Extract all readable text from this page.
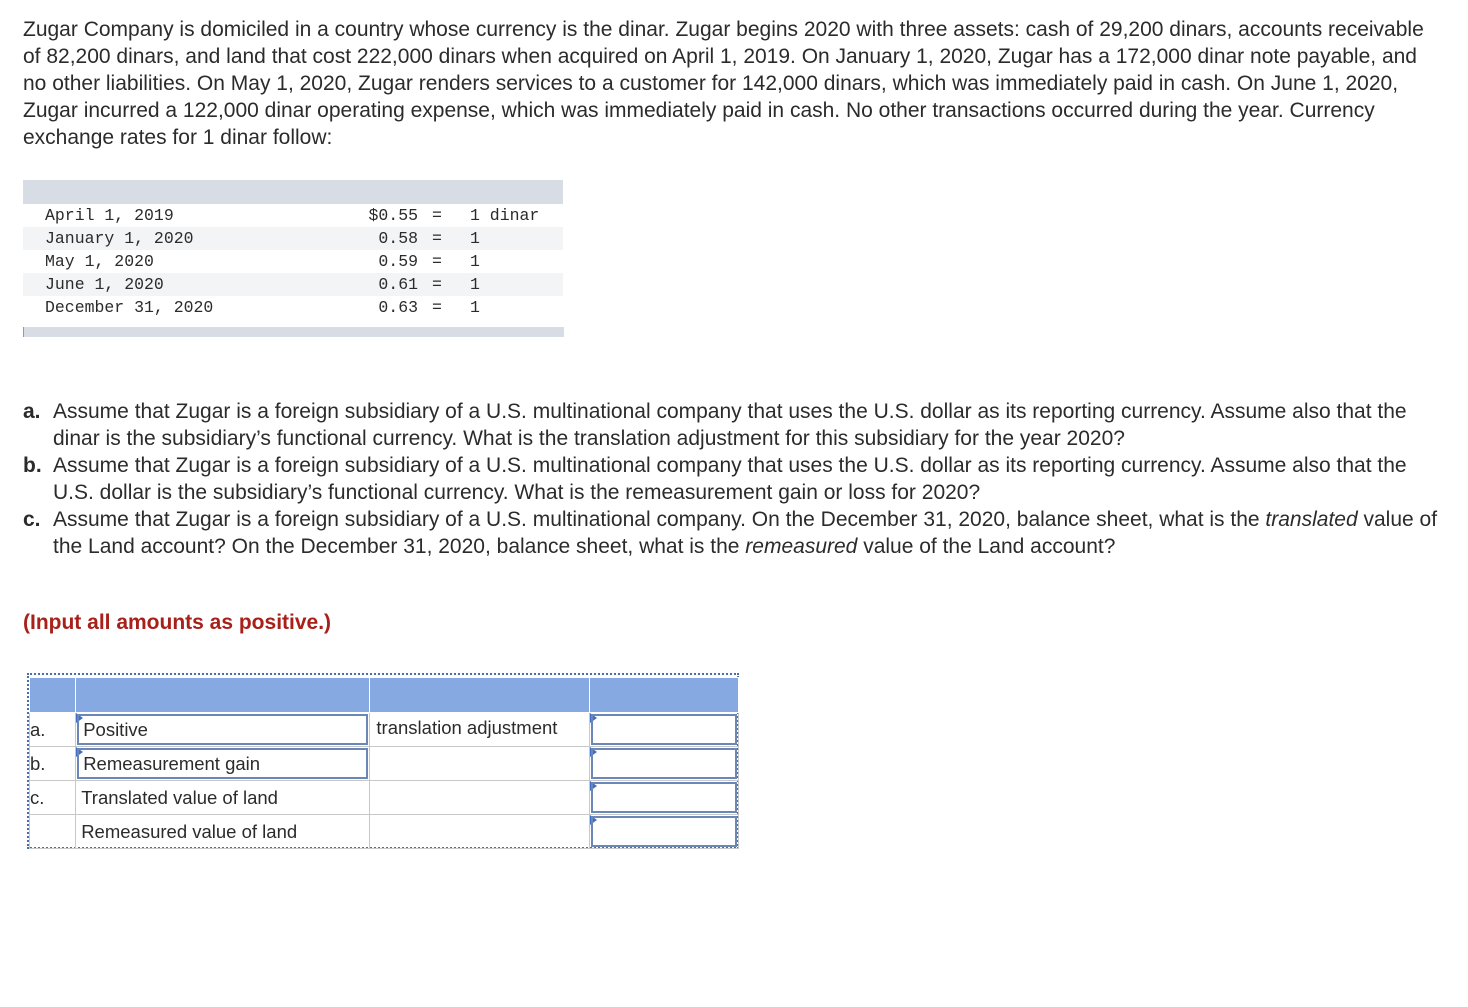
Zugar Company is domiciled in a country whose currency is the dinar. Zugar begins 2020 with three assets: cash of 29,200 dinars, accounts receivable of 82,200 dinars, and land that cost 222,000 dinars when acquired on April 1, 2019. On January 1, 2020, Zugar has a 172,000 dinar note payable, and no other liabilities. On May 1, 2020, Zugar renders services to a customer for 142,000 dinars, which was immediately paid in cash. On June 1, 2020, Zugar incurred a 122,000 dinar operating expense, which was immediately paid in cash. No other transactions occurred during the year. Currency exchange rates for 1 dinar follow:

April 1, 2019	$0.55 = 1 dinar
January 1, 2020	0.58 = 1
May 1, 2020	0.59 = 1
June 1, 2020	0.61 = 1
December 31, 2020	0.63 = 1

a. Assume that Zugar is a foreign subsidiary of a U.S. multinational company that uses the U.S. dollar as its reporting currency. Assume also that the dinar is the subsidiary’s functional currency. What is the translation adjustment for this subsidiary for the year 2020?

b. Assume that Zugar is a foreign subsidiary of a U.S. multinational company that uses the U.S. dollar as its reporting currency. Assume also that the U.S. dollar is the subsidiary’s functional currency. What is the remeasurement gain or loss for 2020?

c. Assume that Zugar is a foreign subsidiary of a U.S. multinational company. On the December 31, 2020, balance sheet, what is the translated value of the Land account? On the December 31, 2020, balance sheet, what is the remeasured value of the Land account?

(Input all amounts as positive.)

a.	Positive	translation adjustment	

b.	Remeasurement gain		

c.	Translated value of land		

	Remeasured value of land		
